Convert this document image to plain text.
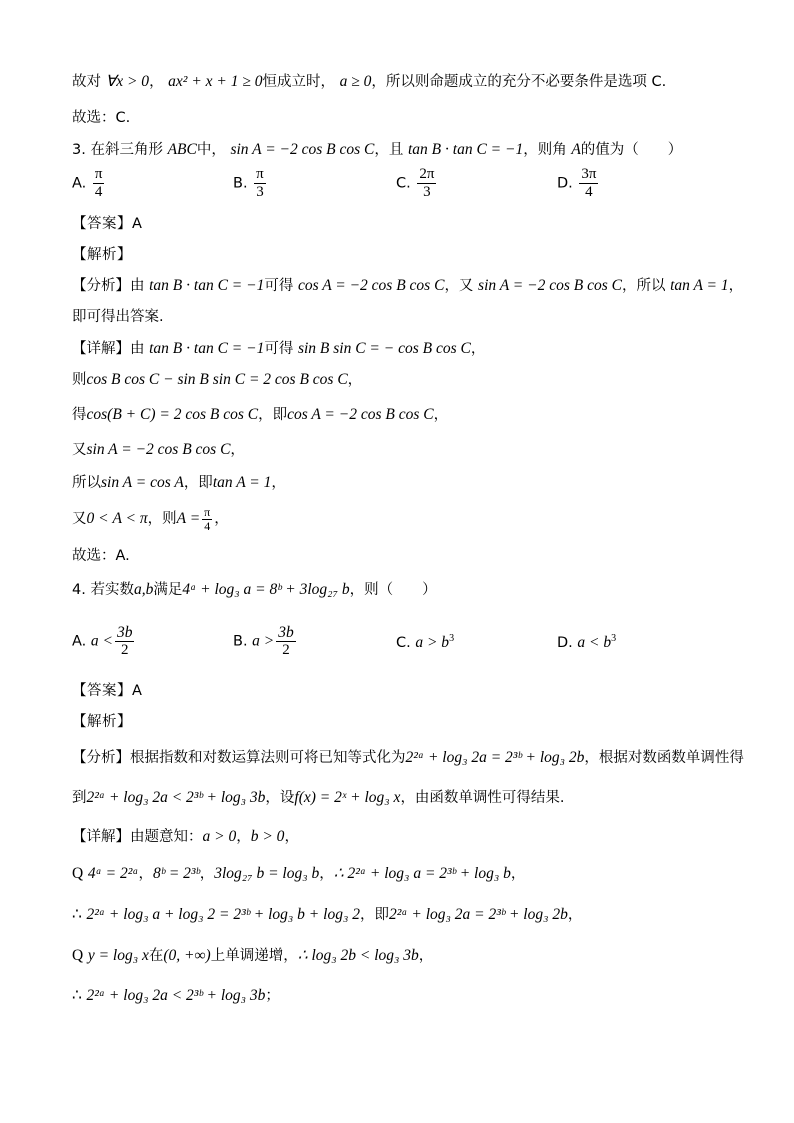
故对 ∀x > 0， ax² + x + 1 ≥ 0恒成立时， a ≥ 0，所以则命题成立的充分不必要条件是选项 C.
故选：C.
3. 在斜三角形 ABC中， sin A = −2 cos B cos C，且 tan B · tan C = −1，则角 A的值为（　　）
A. $\frac{\pi}{4}$	B. $\frac{\pi}{3}$	C. $\frac{2\pi}{3}$	D. $\frac{3\pi}{4}$
【答案】A
【解析】
【分析】由 tan B · tan C = −1可得 cos A = −2 cos B cos C，又 sin A = −2 cos B cos C，所以 tan A = 1，
即可得出答案.
【详解】由 tan B · tan C = −1可得 sin B sin C = − cos B cos C，
则cos B cos C − sin B sin C = 2 cos B cos C，
得cos(B + C) = 2 cos B cos C，即cos A = −2 cos B cos C，
又sin A = −2 cos B cos C，
所以sin A = cos A，即tan A = 1，
又0 < A < π，则$A = \frac{\pi}{4}$ ，
故选：A.
4. 若实数a,b满足4ᵃ + log₃ a = 8ᵇ + 3log₂₇ b，则（　　）
A. $a < \frac{3b}{2}$	B. $a > \frac{3b}{2}$	C. $a > b^3$	D. $a < b^3$
【答案】A
【解析】
【分析】根据指数和对数运算法则可将已知等式化为2²ᵃ + log₃ 2a = 2³ᵇ + log₃ 2b，根据对数函数单调性得
到2²ᵃ + log₃ 2a < 2³ᵇ + log₃ 3b，设f(x) = 2ˣ + log₃ x，由函数单调性可得结果.
【详解】由题意知：a > 0，b > 0，
Q 4ᵃ = 2²ᵃ，8ᵇ = 2³ᵇ，3log₂₇ b = log₃ b，∴ 2²ᵃ + log₃ a = 2³ᵇ + log₃ b，
∴ 2²ᵃ + log₃ a + log₃ 2 = 2³ᵇ + log₃ b + log₃ 2，即2²ᵃ + log₃ 2a = 2³ᵇ + log₃ 2b，
Q y = log₃ x在(0, +∞)上单调递增，∴ log₃ 2b < log₃ 3b，
∴ 2²ᵃ + log₃ 2a < 2³ᵇ + log₃ 3b；
